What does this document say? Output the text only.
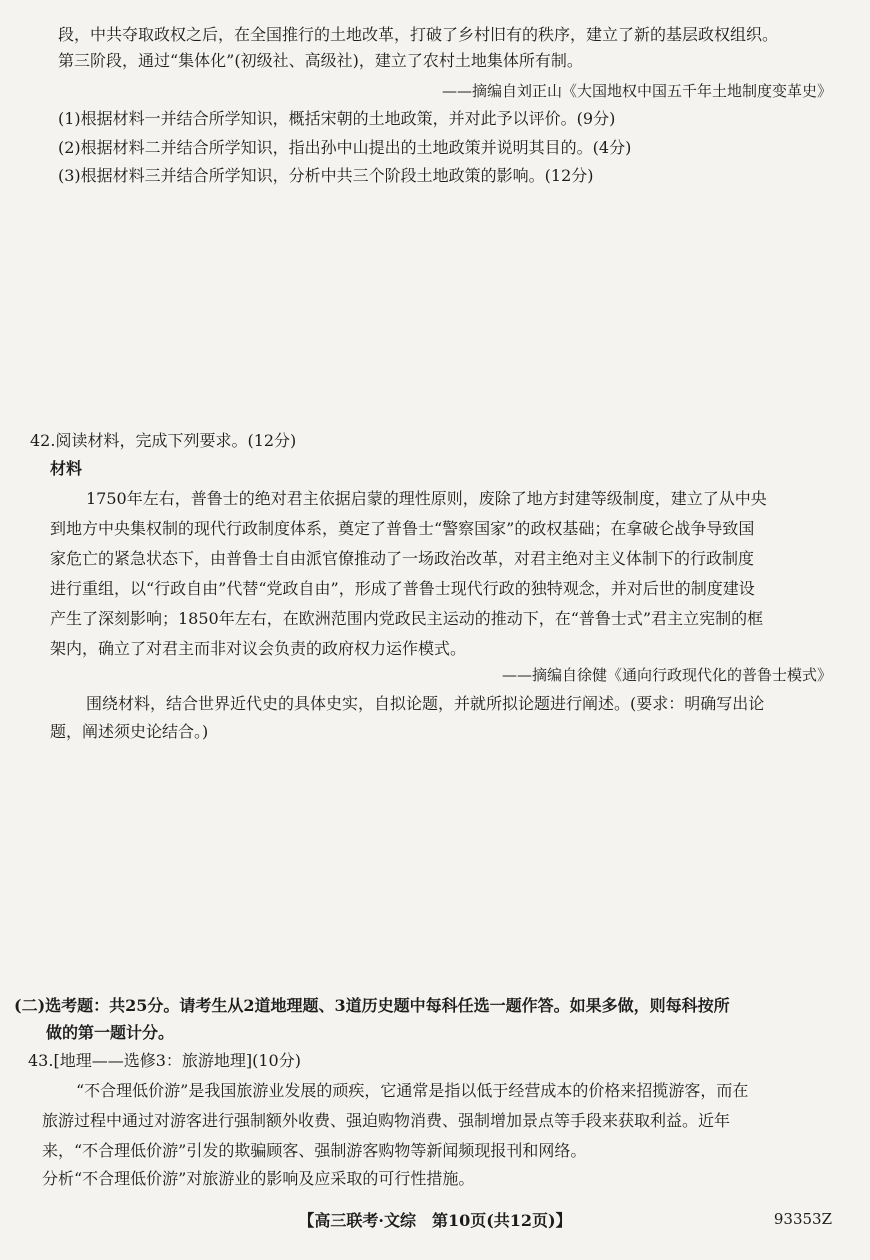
段，中共夺取政权之后，在全国推行的土地改革，打破了乡村旧有的秩序，建立了新的基层政权组织。
第三阶段，通过“集体化”(初级社、高级社)，建立了农村土地集体所有制。
——摘编自刘正山《大国地权中国五千年土地制度变革史》
(1)根据材料一并结合所学知识，概括宋朝的土地政策，并对此予以评价。(9分)
(2)根据材料二并结合所学知识，指出孙中山提出的土地政策并说明其目的。(4分)
(3)根据材料三并结合所学知识，分析中共三个阶段土地政策的影响。(12分)
42.阅读材料，完成下列要求。(12分)
材料
1750年左右，普鲁士的绝对君主依据启蒙的理性原则，废除了地方封建等级制度，建立了从中央
到地方中央集权制的现代行政制度体系，奠定了普鲁士“警察国家”的政权基础；在拿破仑战争导致国
家危亡的紧急状态下，由普鲁士自由派官僚推动了一场政治改革，对君主绝对主义体制下的行政制度
进行重组，以“行政自由”代替“党政自由”，形成了普鲁士现代行政的独特观念，并对后世的制度建设
产生了深刻影响；1850年左右，在欧洲范围内党政民主运动的推动下，在“普鲁士式”君主立宪制的框
架内，确立了对君主而非对议会负责的政府权力运作模式。
——摘编自徐健《通向行政现代化的普鲁士模式》
围绕材料，结合世界近代史的具体史实，自拟论题，并就所拟论题进行阐述。(要求：明确写出论
题，阐述须史论结合。)
(二)选考题：共25分。请考生从2道地理题、3道历史题中每科任选一题作答。如果多做，则每科按所
做的第一题计分。
43.[地理——选修3：旅游地理](10分)
“不合理低价游”是我国旅游业发展的顽疾，它通常是指以低于经营成本的价格来招揽游客，而在
旅游过程中通过对游客进行强制额外收费、强迫购物消费、强制增加景点等手段来获取利益。近年
来，“不合理低价游”引发的欺骗顾客、强制游客购物等新闻频现报刊和网络。
分析“不合理低价游”对旅游业的影响及应采取的可行性措施。
【高三联考·文综　第10页(共12页)】	93353Z
